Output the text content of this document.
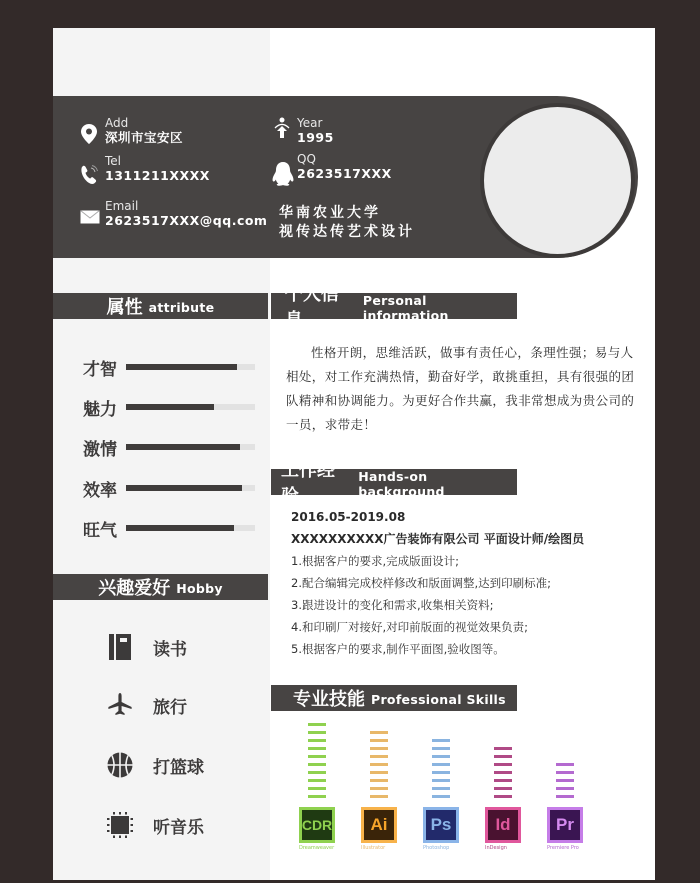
Add
深圳市宝安区
Tel
1311211XXXX
Email
2623517XXX@qq.com
Year
1995
QQ
2623517XXX
华南农业大学
视传达传艺术设计
属性 attribute
才智
魅力
激情
效率
旺气
兴趣爱好 Hobby
读书
旅行
打篮球
听音乐
个人信息
Personal information
性格开朗，思维活跃，做事有责任心，条理性强；易与人相处，对工作充满热情，勤奋好学，敢挑重担，具有很强的团队精神和协调能力。为更好合作共赢，我非常想成为贵公司的一员，求带走！
工作经验
Hands-on background
2016.05-2019.08
XXXXXXXXXX广告装饰有限公司 平面设计师/绘图员
1.根据客户的要求,完成版面设计;
2.配合编辑完成校样修改和版面调整,达到印刷标准;
3.跟进设计的变化和需求,收集相关资料;
4.和印刷厂对接好,对印前版面的视觉效果负责;
5.根据客户的要求,制作平面图,验收图等。
专业技能 Professional Skills
CDR
Dreamweaver
Ai
Illustrator
Ps
Photoshop
Id
InDesign
Pr
Premiere Pro
